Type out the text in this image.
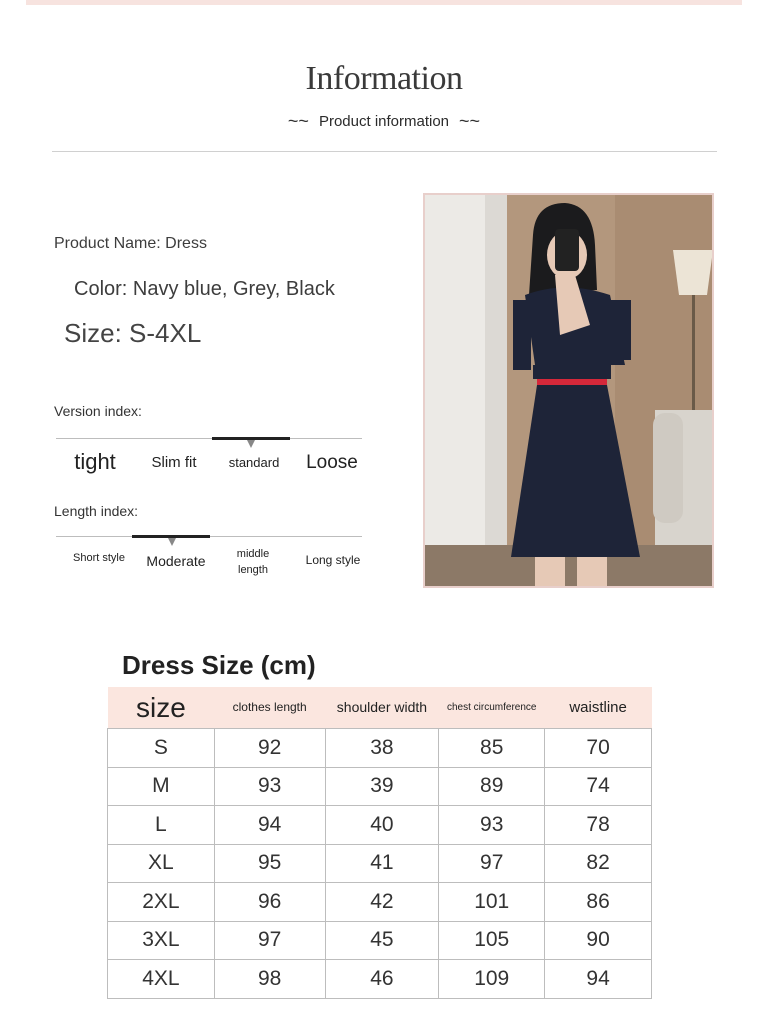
Information
~~ Product information ~~
Product Name: Dress
Color: Navy blue, Grey, Black
Size: S-4XL
Version index:
tight	Slim fit	standard	Loose
Length index:
Short style	Moderate	middle length
Long style
Dress Size (cm)
size	clothes length	shoulder width	chest circumference	waistline
S	92	38	85	70
M	93	39	89	74
L	94	40	93	78
XL	95	41	97	82
2XL	96	42	101	86
3XL	97	45	105	90
4XL	98	46	109	94
